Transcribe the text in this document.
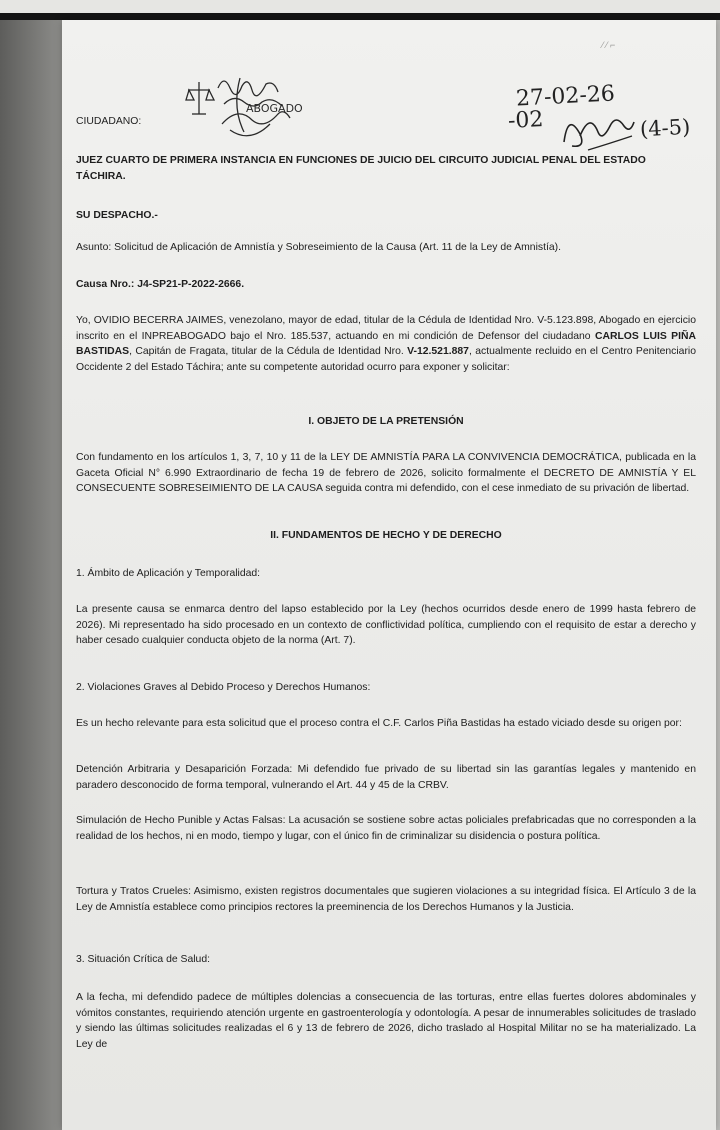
⁄ ⁄ ⌐
ABOGADO	27-02-26
-02	(4-5)

CIUDADANO:

JUEZ CUARTO DE PRIMERA INSTANCIA EN FUNCIONES DE JUICIO DEL CIRCUITO JUDICIAL PENAL DEL ESTADO TÁCHIRA.

SU DESPACHO.-

Asunto: Solicitud de Aplicación de Amnistía y Sobreseimiento de la Causa (Art. 11 de la Ley de Amnistía).

Causa Nro.: J4-SP21-P-2022-2666.

Yo, OVIDIO BECERRA JAIMES, venezolano, mayor de edad, titular de la Cédula de Identidad Nro. V-5.123.898, Abogado en ejercicio inscrito en el INPREABOGADO bajo el Nro. 185.537, actuando en mi condición de Defensor del ciudadano CARLOS LUIS PIÑA BASTIDAS, Capitán de Fragata, titular de la Cédula de Identidad Nro. V-12.521.887, actualmente recluido en el Centro Penitenciario Occidente 2 del Estado Táchira; ante su competente autoridad ocurro para exponer y solicitar:

I. OBJETO DE LA PRETENSIÓN

Con fundamento en los artículos 1, 3, 7, 10 y 11 de la LEY DE AMNISTÍA PARA LA CONVIVENCIA DEMOCRÁTICA, publicada en la Gaceta Oficial N° 6.990 Extraordinario de fecha 19 de febrero de 2026, solicito formalmente el DECRETO DE AMNISTÍA Y EL CONSECUENTE SOBRESEIMIENTO DE LA CAUSA seguida contra mi defendido, con el cese inmediato de su privación de libertad.

II. FUNDAMENTOS DE HECHO Y DE DERECHO

1. Ámbito de Aplicación y Temporalidad:

La presente causa se enmarca dentro del lapso establecido por la Ley (hechos ocurridos desde enero de 1999 hasta febrero de 2026). Mi representado ha sido procesado en un contexto de conflictividad política, cumpliendo con el requisito de estar a derecho y haber cesado cualquier conducta objeto de la norma (Art. 7).

2. Violaciones Graves al Debido Proceso y Derechos Humanos:

Es un hecho relevante para esta solicitud que el proceso contra el C.F. Carlos Piña Bastidas ha estado viciado desde su origen por:

Detención Arbitraria y Desaparición Forzada: Mi defendido fue privado de su libertad sin las garantías legales y mantenido en paradero desconocido de forma temporal, vulnerando el Art. 44 y 45 de la CRBV.

Simulación de Hecho Punible y Actas Falsas: La acusación se sostiene sobre actas policiales prefabricadas que no corresponden a la realidad de los hechos, ni en modo, tiempo y lugar, con el único fin de criminalizar su disidencia o postura política.

Tortura y Tratos Crueles: Asimismo, existen registros documentales que sugieren violaciones a su integridad física. El Artículo 3 de la Ley de Amnistía establece como principios rectores la preeminencia de los Derechos Humanos y la Justicia.

3. Situación Crítica de Salud:

A la fecha, mi defendido padece de múltiples dolencias a consecuencia de las torturas, entre ellas fuertes dolores abdominales y vómitos constantes, requiriendo atención urgente en gastroenterología y odontología. A pesar de innumerables solicitudes de traslado y siendo las últimas solicitudes realizadas el 6 y 13 de febrero de 2026, dicho traslado al Hospital Militar no se ha materializado. La Ley de
